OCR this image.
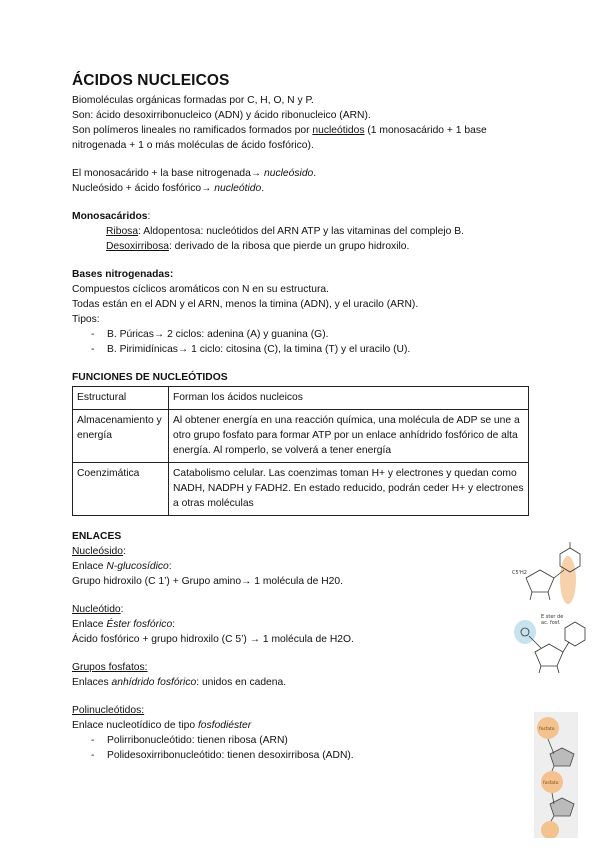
ÁCIDOS NUCLEICOS

Biomoléculas orgánicas formadas por C, H, O, N y P.

Son: ácido desoxirribonucleico (ADN) y ácido ribonucleico (ARN).

Son polímeros lineales no ramificados formados por nucleótidos (1 monosacárido + 1 base nitrogenada + 1 o más moléculas de ácido fosfórico).

El monosacárido + la base nitrogenada→ nucleósido.

Nucleósido + ácido fosfórico→ nucleótido.

Monosacáridos:

Ribosa: Aldopentosa: nucleótidos del ARN ATP y las vitaminas del complejo B.

Desoxirribosa: derivado de la ribosa que pierde un grupo hidroxilo.

Bases nitrogenadas:

Compuestos cíclicos aromáticos con N en su estructura.

Todas están en el ADN y el ARN, menos la timina (ADN), y el uracilo (ARN).

Tipos:

- B. Púricas→ 2 ciclos: adenina (A) y guanina (G).
- B. Pirimidínicas→ 1 ciclo: citosina (C), la timina (T) y el uracilo (U).

FUNCIONES DE NUCLEÓTIDOS

Estructural	Forman los ácidos nucleicos
Almacenamiento y energía	Al obtener energía en una reacción química, una molécula de ADP se une a otro grupo fosfato para formar ATP por un enlace anhídrido fosfórico de alta energía. Al romperlo, se volverá a tener energía
Coenzimática	Catabolismo celular. Las coenzimas toman H+ y electrones y quedan como NADH, NADPH y FADH2. En estado reducido, podrán ceder H+ y electrones a otras moléculas

ENLACES

Nucleósido:

Enlace N-glucosídico:

Grupo hidroxilo (C 1’) + Grupo amino→ 1 molécula de H20.

Nucleótido:

Enlace Éster fosfórico:

Ácido fosfórico + grupo hidroxilo (C 5’) → 1 molécula de H2O.

Grupos fosfatos:

Enlaces anhídrido fosfórico: unidos en cadena.

Polinucleótidos:

Enlace nucleotídico de tipo fosfodiéster

- Polirribonucleótido: tienen ribosa (ARN)
- Polidesoxirribonucleótido: tienen desoxirribosa (ADN).
C5'H2
E ster de
ac. fosf.
fosfato
fosfato
